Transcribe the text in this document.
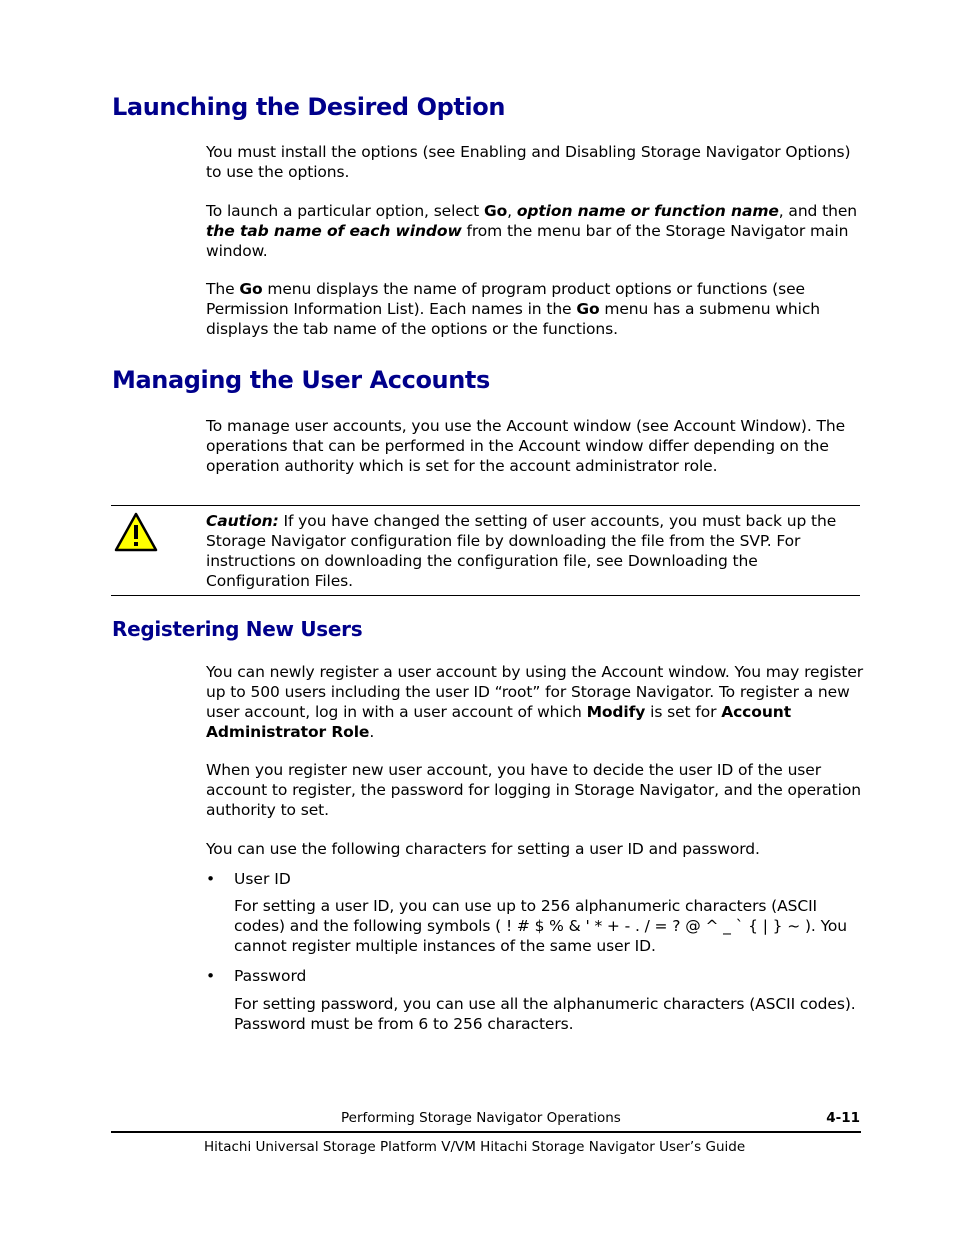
Launching the Desired Option

You must install the options (see Enabling and Disabling Storage Navigator Options) to use the options.

To launch a particular option, select Go, option name or function name, and then the tab name of each window from the menu bar of the Storage Navigator main window.

The Go menu displays the name of program product options or functions (see Permission Information List). Each names in the Go menu has a submenu which displays the tab name of the options or the functions.

Managing the User Accounts

To manage user accounts, you use the Account window (see Account Window). The operations that can be performed in the Account window differ depending on the operation authority which is set for the account administrator role.

Caution: If you have changed the setting of user accounts, you must back up the Storage Navigator configuration file by downloading the file from the SVP. For instructions on downloading the configuration file, see Downloading the Configuration Files.

Registering New Users

You can newly register a user account by using the Account window. You may register up to 500 users including the user ID “root” for Storage Navigator. To register a new user account, log in with a user account of which Modify is set for Account Administrator Role.

When you register new user account, you have to decide the user ID of the user account to register, the password for logging in Storage Navigator, and the operation authority to set.

You can use the following characters for setting a user ID and password.

• User ID

For setting a user ID, you can use up to 256 alphanumeric characters (ASCII codes) and the following symbols ( ! # $ % & ' * + - . / = ? @ ^ _ ` { | } ~ ). You cannot register multiple instances of the same user ID.

• Password

For setting password, you can use all the alphanumeric characters (ASCII codes). Password must be from 6 to 256 characters.

Performing Storage Navigator Operations	4-11
Hitachi Universal Storage Platform V/VM Hitachi Storage Navigator User’s Guide
